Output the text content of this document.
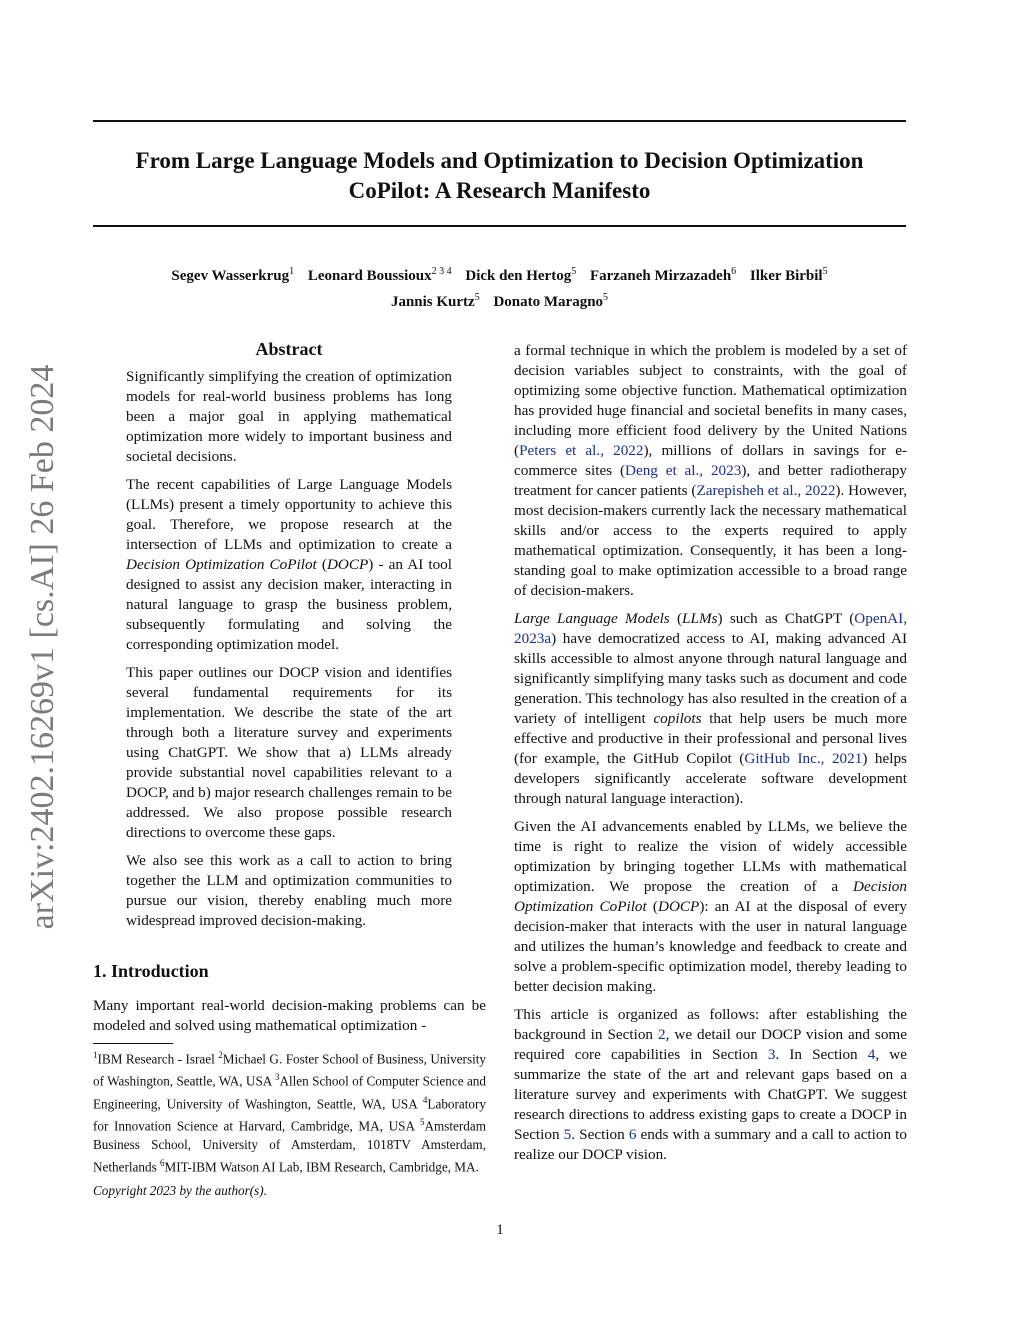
From Large Language Models and Optimization to Decision Optimization
CoPilot: A Research Manifesto
Segev Wasserkrug$^1$ Leonard Boussioux$^{2 3 4}$ Dick den Hertog$^5$ Farzaneh Mirzazadeh$^6$ Ilker Birbil$^5$
Jannis Kurtz$^5$ Donato Maragno$^5$
arXiv:2402.16269v1 [cs.AI] 26 Feb 2024
Abstract

Significantly simplifying the creation of optimization models for real-world business problems has long been a major goal in applying mathematical optimization more widely to important business and societal decisions.

The recent capabilities of Large Language Models (LLMs) present a timely opportunity to achieve this goal. Therefore, we propose research at the intersection of LLMs and optimization to create a Decision Optimization CoPilot (DOCP) - an AI tool designed to assist any decision maker, interacting in natural language to grasp the business problem, subsequently formulating and solving the corresponding optimization model.

This paper outlines our DOCP vision and identifies several fundamental requirements for its implementation. We describe the state of the art through both a literature survey and experiments using ChatGPT. We show that a) LLMs already provide substantial novel capabilities relevant to a DOCP, and b) major research challenges remain to be addressed. We also propose possible research directions to overcome these gaps.

We also see this work as a call to action to bring together the LLM and optimization communities to pursue our vision, thereby enabling much more widespread improved decision-making.

1. Introduction

Many important real-world decision-making problems can be modeled and solved using mathematical optimization -

$^1$IBM Research - Israel $^2$Michael G. Foster School of Business, University of Washington, Seattle, WA, USA $^3$Allen School of Computer Science and Engineering, University of Washington, Seattle, WA, USA $^4$Laboratory for Innovation Science at Harvard, Cambridge, MA, USA $^5$Amsterdam Business School, University of Amsterdam, 1018TV Amsterdam, Netherlands $^6$MIT-IBM Watson AI Lab, IBM Research, Cambridge, MA.
Copyright 2023 by the author(s).

a formal technique in which the problem is modeled by a set of decision variables subject to constraints, with the goal of optimizing some objective function. Mathematical optimization has provided huge financial and societal benefits in many cases, including more efficient food delivery by the United Nations (Peters et al., 2022), millions of dollars in savings for e-commerce sites (Deng et al., 2023), and better radiotherapy treatment for cancer patients (Zarepisheh et al., 2022). However, most decision-makers currently lack the necessary mathematical skills and/or access to the experts required to apply mathematical optimization. Consequently, it has been a long-standing goal to make optimization accessible to a broad range of decision-makers.

Large Language Models (LLMs) such as ChatGPT (OpenAI, 2023a) have democratized access to AI, making advanced AI skills accessible to almost anyone through natural language and significantly simplifying many tasks such as document and code generation. This technology has also resulted in the creation of a variety of intelligent copilots that help users be much more effective and productive in their professional and personal lives (for example, the GitHub Copilot (GitHub Inc., 2021) helps developers significantly accelerate software development through natural language interaction).

Given the AI advancements enabled by LLMs, we believe the time is right to realize the vision of widely accessible optimization by bringing together LLMs with mathematical optimization. We propose the creation of a Decision Optimization CoPilot (DOCP): an AI at the disposal of every decision-maker that interacts with the user in natural language and utilizes the human’s knowledge and feedback to create and solve a problem-specific optimization model, thereby leading to better decision making.

This article is organized as follows: after establishing the background in Section 2, we detail our DOCP vision and some required core capabilities in Section 3. In Section 4, we summarize the state of the art and relevant gaps based on a literature survey and experiments with ChatGPT. We suggest research directions to address existing gaps to create a DOCP in Section 5. Section 6 ends with a summary and a call to action to realize our DOCP vision.

1
